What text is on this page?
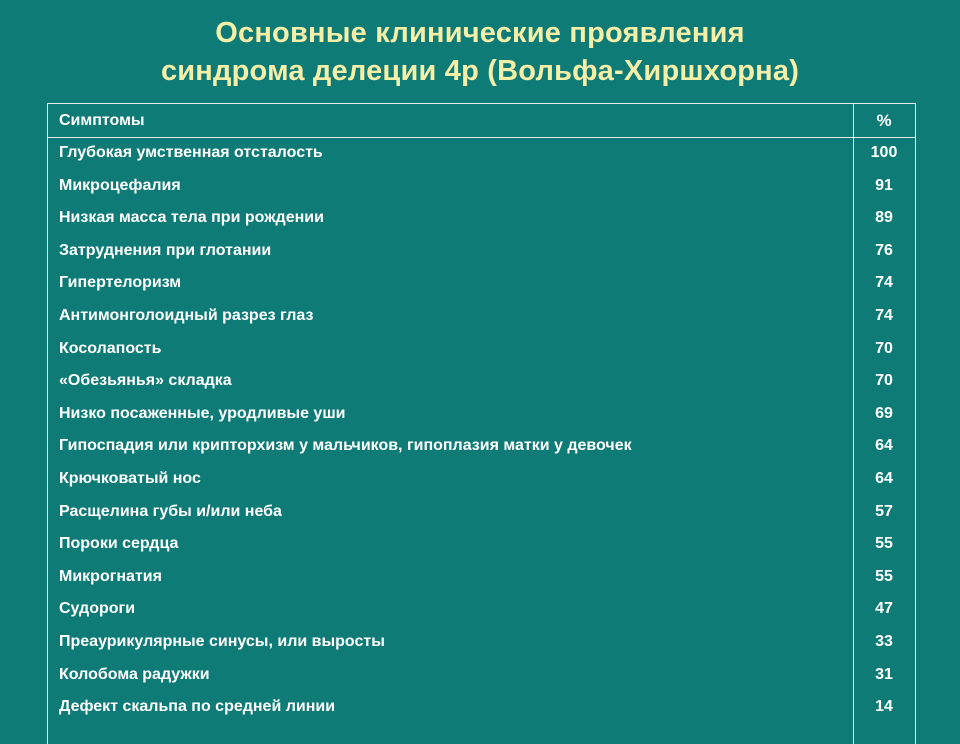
Основные клинические проявления
синдрома делеции 4р (Вольфа-Хиршхорна)
Симптомы	%
Глубокая умственная отсталость	100
Микроцефалия	91
Низкая масса тела при рождении	89
Затруднения при глотании	76
Гипертелоризм	74
Антимонголоидный разрез глаз	74
Косолапость	70
«Обезьянья» складка	70
Низко посаженные, уродливые уши	69
Гипоспадия или крипторхизм у мальчиков, гипоплазия матки у девочек	64
Крючковатый нос	64
Расщелина губы и/или неба	57
Пороки сердца	55
Микрогнатия	55
Судороги	47
Преаурикулярные синусы, или выросты	33
Колобома радужки	31
Дефект скальпа по средней линии	14
